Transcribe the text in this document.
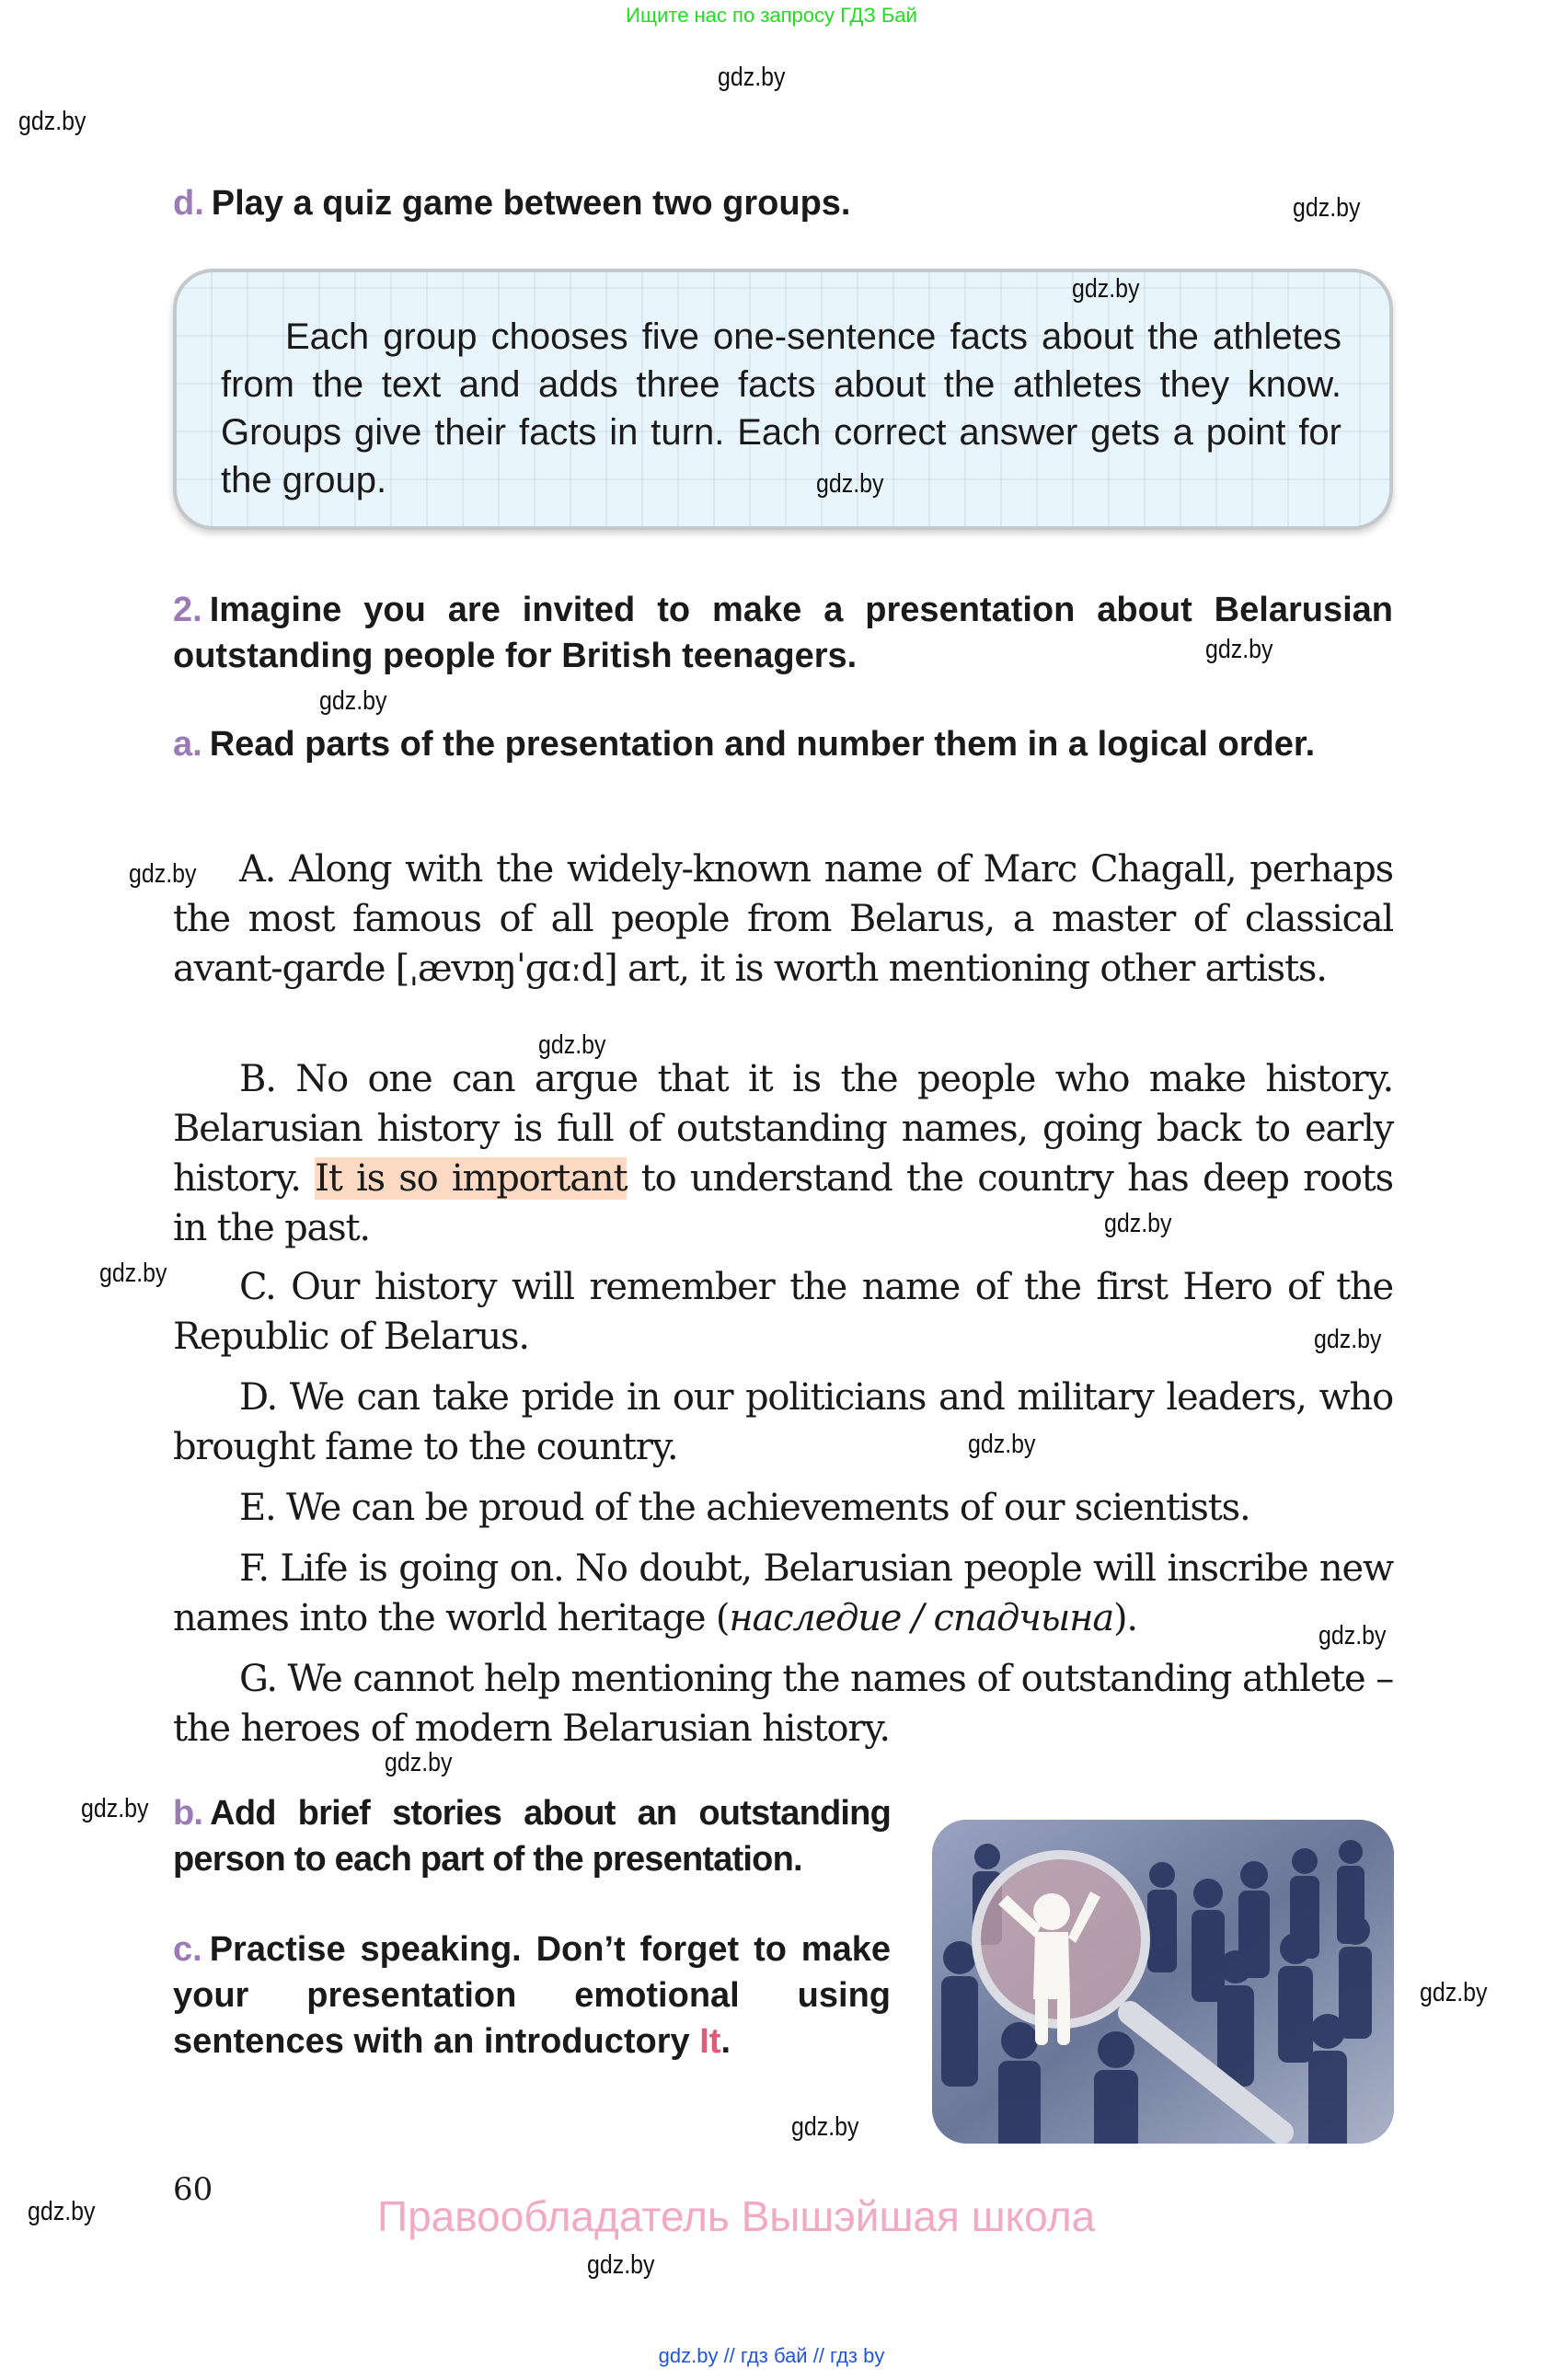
Ищите нас по запросу ГДЗ Бай
gdz.by
gdz.by
gdz.by
d. Play a quiz game between two groups.
gdz.by
Each group chooses five one-sentence facts about the athletes from the text and adds three facts about the athletes they know. Groups give their facts in turn. Each correct answer gets a point for the group.	gdz.by
2. Imagine you are invited to make a presentation about Belarusian outstanding people for British teenagers.	gdz.by
gdz.by
a. Read parts of the presentation and number them in a logical order.
gdz.by	A. Along with the widely-known name of Marc Chagall, perhaps the most famous of all people from Belarus, a master of classical avant-garde [ˌævɒŋˈɡɑːd] art, it is worth mentioning other artists.
gdz.by
B. No one can argue that it is the people who make history. Belarusian history is full of outstanding names, going back to early history. It is so important to understand the country has deep roots in the past.	gdz.by
gdz.by	C. Our history will remember the name of the first Hero of the Republic of Belarus.	gdz.by
D. We can take pride in our politicians and military leaders, who brought fame to the country.	gdz.by
E. We can be proud of the achievements of our scientists.
F. Life is going on. No doubt, Belarusian people will inscribe new names into the world heritage (наследие / спадчына).	gdz.by
G. We cannot help mentioning the names of outstanding athlete – the heroes of modern Belarusian history.
gdz.by
gdz.by b. Add brief stories about an outstanding person to each part of the presentation.
c. Practise speaking. Don’t forget to make your presentation emotional using sentences with an introductory It.
gdz.by
gdz.by
60
gdz.by	Правообладатель Вышэйшая школа
gdz.by
gdz.by // гдз бай // гдз by
